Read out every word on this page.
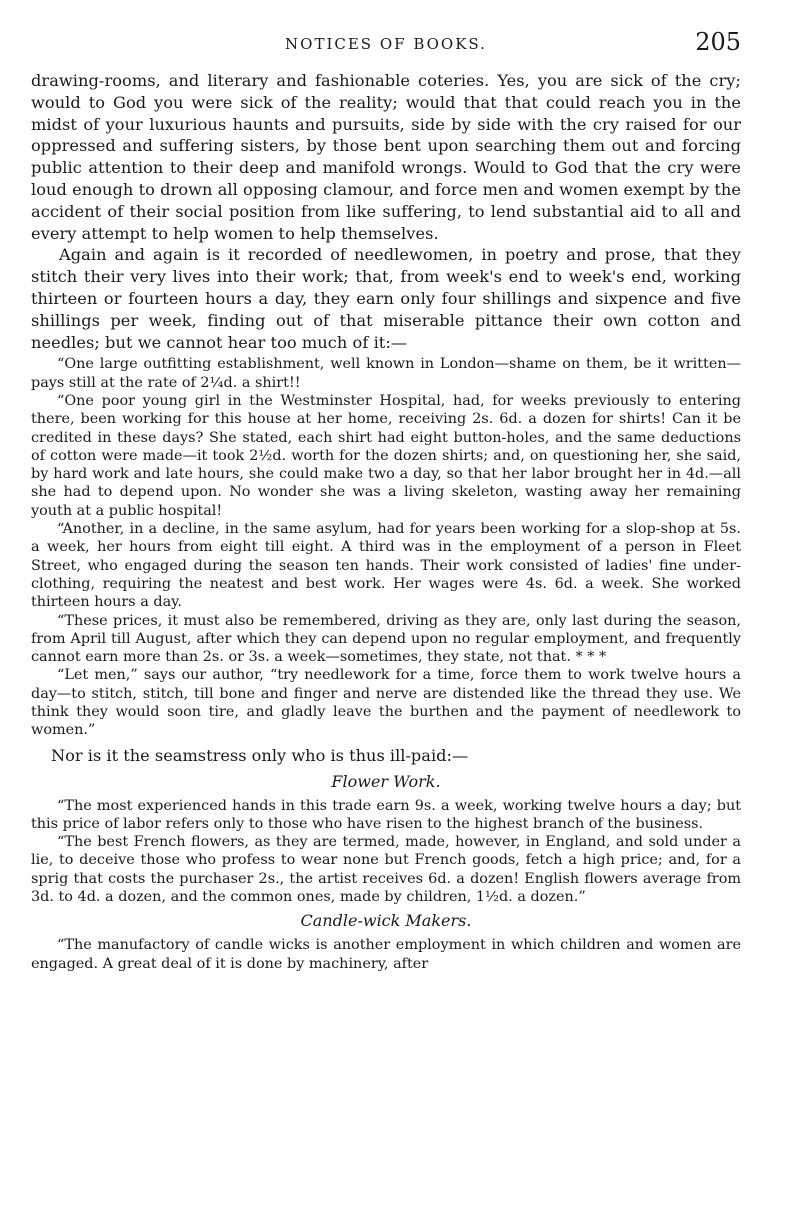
NOTICES OF BOOKS.	205

drawing-rooms, and literary and fashionable coteries. Yes, you are sick of the cry; would to God you were sick of the reality; would that that could reach you in the midst of your luxurious haunts and pursuits, side by side with the cry raised for our oppressed and suffering sisters, by those bent upon searching them out and forcing public attention to their deep and manifold wrongs. Would to God that the cry were loud enough to drown all opposing clamour, and force men and women exempt by the accident of their social position from like suffering, to lend substantial aid to all and every attempt to help women to help themselves.

Again and again is it recorded of needlewomen, in poetry and prose, that they stitch their very lives into their work; that, from week's end to week's end, working thirteen or fourteen hours a day, they earn only four shillings and sixpence and five shillings per week, finding out of that miserable pittance their own cotton and needles; but we cannot hear too much of it:—

“One large outfitting establishment, well known in London—shame on them, be it written—pays still at the rate of 2¼d. a shirt!!

“One poor young girl in the Westminster Hospital, had, for weeks previously to entering there, been working for this house at her home, receiving 2s. 6d. a dozen for shirts! Can it be credited in these days? She stated, each shirt had eight button-holes, and the same deductions of cotton were made—it took 2½d. worth for the dozen shirts; and, on questioning her, she said, by hard work and late hours, she could make two a day, so that her labor brought her in 4d.—all she had to depend upon. No wonder she was a living skeleton, wasting away her remaining youth at a public hospital!

“Another, in a decline, in the same asylum, had for years been working for a slop-shop at 5s. a week, her hours from eight till eight. A third was in the employment of a person in Fleet Street, who engaged during the season ten hands. Their work consisted of ladies' fine under-clothing, requiring the neatest and best work. Her wages were 4s. 6d. a week. She worked thirteen hours a day.

“These prices, it must also be remembered, driving as they are, only last during the season, from April till August, after which they can depend upon no regular employment, and frequently cannot earn more than 2s. or 3s. a week—sometimes, they state, not that. * * *

“Let men,” says our author, “try needlework for a time, force them to work twelve hours a day—to stitch, stitch, till bone and finger and nerve are distended like the thread they use. We think they would soon tire, and gladly leave the burthen and the payment of needlework to women.”

Nor is it the seamstress only who is thus ill-paid:—

Flower Work.

“The most experienced hands in this trade earn 9s. a week, working twelve hours a day; but this price of labor refers only to those who have risen to the highest branch of the business.

“The best French flowers, as they are termed, made, however, in England, and sold under a lie, to deceive those who profess to wear none but French goods, fetch a high price; and, for a sprig that costs the purchaser 2s., the artist receives 6d. a dozen! English flowers average from 3d. to 4d. a dozen, and the common ones, made by children, 1½d. a dozen.”

Candle-wick Makers.

“The manufactory of candle wicks is another employment in which children and women are engaged. A great deal of it is done by machinery, after
